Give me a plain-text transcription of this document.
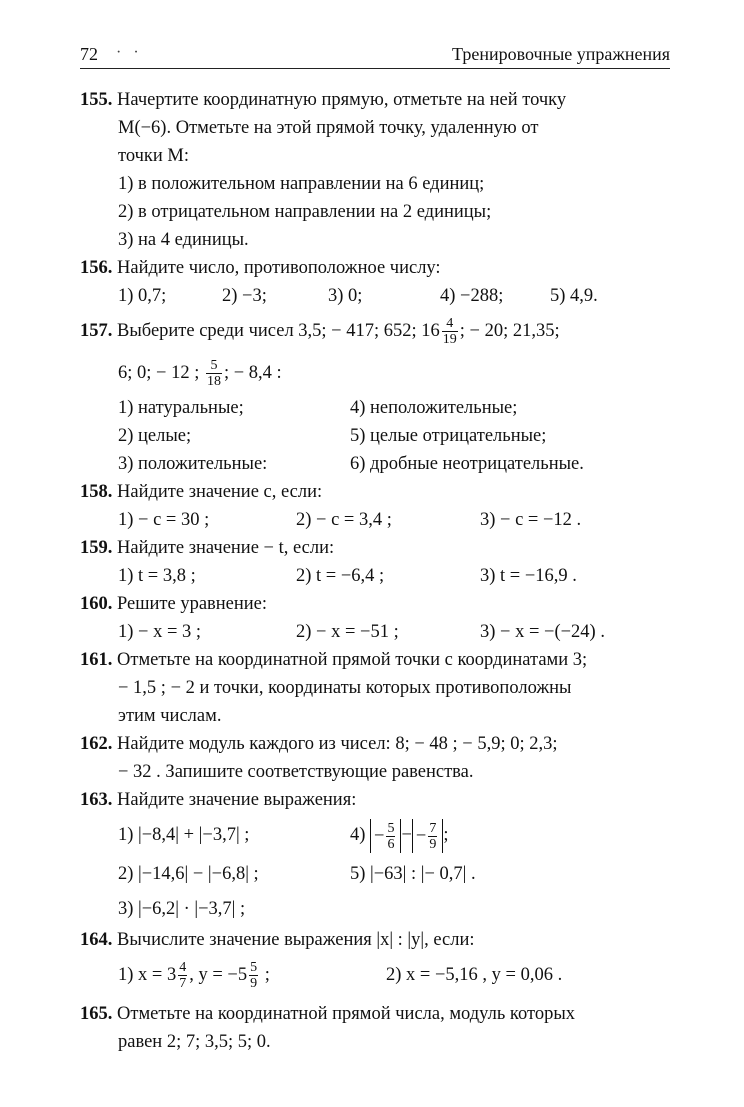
72 · ·	Тренировочные упражнения
155. Начертите координатную прямую, отметьте на ней точку
M(−6). Отметьте на этой прямой точку, удаленную от
точки M:
1) в положительном направлении на 6 единиц;
2) в отрицательном направлении на 2 единицы;
3) на 4 единицы.
156. Найдите число, противоположное числу:
1) 0,7;	2) −3;	3) 0;	4) −288;	5) 4,9.
157. Выберите среди чисел 3,5; − 417; 652; $16 \frac{4}{19}$ ; − 20; 21,35;
6; 0; − 12 ; $\frac{5}{18}$ ; − 8,4 :
1) натуральные;	4) неположительные;
2) целые;	5) целые отрицательные;
3) положительные:	6) дробные неотрицательные.
158. Найдите значение c, если:
1) − c = 30 ;	2) − c = 3,4 ;	3) − c = −12 .
159. Найдите значение − t, если:
1) t = 3,8 ;	2) t = −6,4 ;	3) t = −16,9 .
160. Решите уравнение:
1) − x = 3 ;	2) − x = −51 ;	3) − x = −(−24) .
161. Отметьте на координатной прямой точки с координатами 3;
− 1,5 ; − 2 и точки, координаты которых противоположны
этим числам.
162. Найдите модуль каждого из чисел: 8; − 48 ; − 5,9; 0; 2,3;
− 32 . Запишите соответствующие равенства.
163. Найдите значение выражения:
1) |−8,4| + |−3,7| ;	$4) - \frac{5}{6}$ − − $\frac{7}{9}$ ;
2) |−14,6| − |−6,8| ;	5) |−63| : |− 0,7| .
3) |−6,2| · |−3,7| ;
164. Вычислите значение выражения |x| : |y|, если:
1) $x = 3 \frac{4}{7}$ , $y = -5 \frac{5}{9}$ ;	2) x = −5,16 , y = 0,06 .
165. Отметьте на координатной прямой числа, модуль которых
равен 2; 7; 3,5; 5; 0.
